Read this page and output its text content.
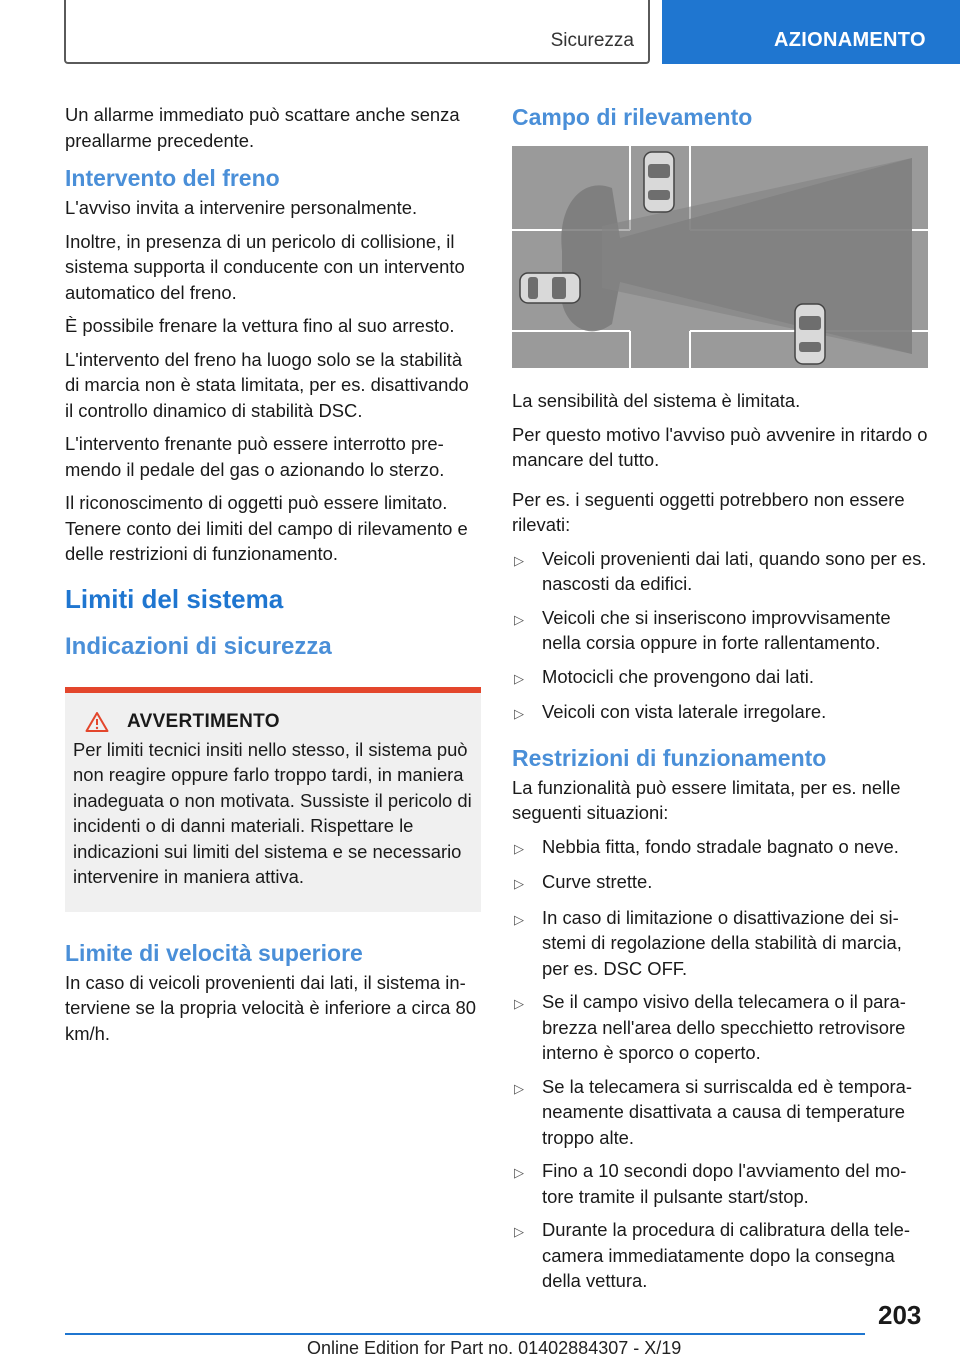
Sicurezza	AZIONAMENTO

Un allarme immediato può scattare anche senza preallarme precedente.

Intervento del freno

L'avviso invita a intervenire personalmente.

Inoltre, in presenza di un pericolo di collisione, il sistema supporta il conducente con un intervento automatico del freno.

È possibile frenare la vettura fino al suo arresto.

L'intervento del freno ha luogo solo se la stabilità di marcia non è stata limitata, per es. disattivando il controllo dinamico di stabilità DSC.

L'intervento frenante può essere interrotto premendo il pedale del gas o azionando lo sterzo.

Il riconoscimento di oggetti può essere limitato. Tenere conto dei limiti del campo di rilevamento e delle restrizioni di funzionamento.

Limiti del sistema
Indicazioni di sicurezza
AVVERTIMENTO

Per limiti tecnici insiti nello stesso, il sistema può non reagire oppure farlo troppo tardi, in maniera inadeguata o non motivata. Sussiste il pericolo di incidenti o di danni materiali. Rispettare le indicazioni sui limiti del sistema e se necessario intervenire in maniera attiva.

Limite di velocità superiore

In caso di veicoli provenienti dai lati, il sistema interviene se la propria velocità è inferiore a circa 80 km/h.

Campo di rilevamento

La sensibilità del sistema è limitata.

Per questo motivo l'avviso può avvenire in ritardo o mancare del tutto.

Per es. i seguenti oggetti potrebbero non essere rilevati:

▷ Veicoli provenienti dai lati, quando sono per es. nascosti da edifici.
▷ Veicoli che si inseriscono improvvisamente nella corsia oppure in forte rallentamento.
▷ Motocicli che provengono dai lati.
▷ Veicoli con vista laterale irregolare.
Restrizioni di funzionamento

La funzionalità può essere limitata, per es. nelle seguenti situazioni:

▷ Nebbia fitta, fondo stradale bagnato o neve.
▷ Curve strette.
▷ In caso di limitazione o disattivazione dei sistemi di regolazione della stabilità di marcia, per es. DSC OFF.
▷ Se il campo visivo della telecamera o il parabrezza nell'area dello specchietto retrovisore interno è sporco o coperto.
▷ Se la telecamera si surriscalda ed è temporaneamente disattivata a causa di temperature troppo alte.
▷ Fino a 10 secondi dopo l'avviamento del motore tramite il pulsante start/stop.
▷ Durante la procedura di calibratura della telecamera immediatamente dopo la consegna della vettura.
203
Online Edition for Part no. 01402884307 - X/19
